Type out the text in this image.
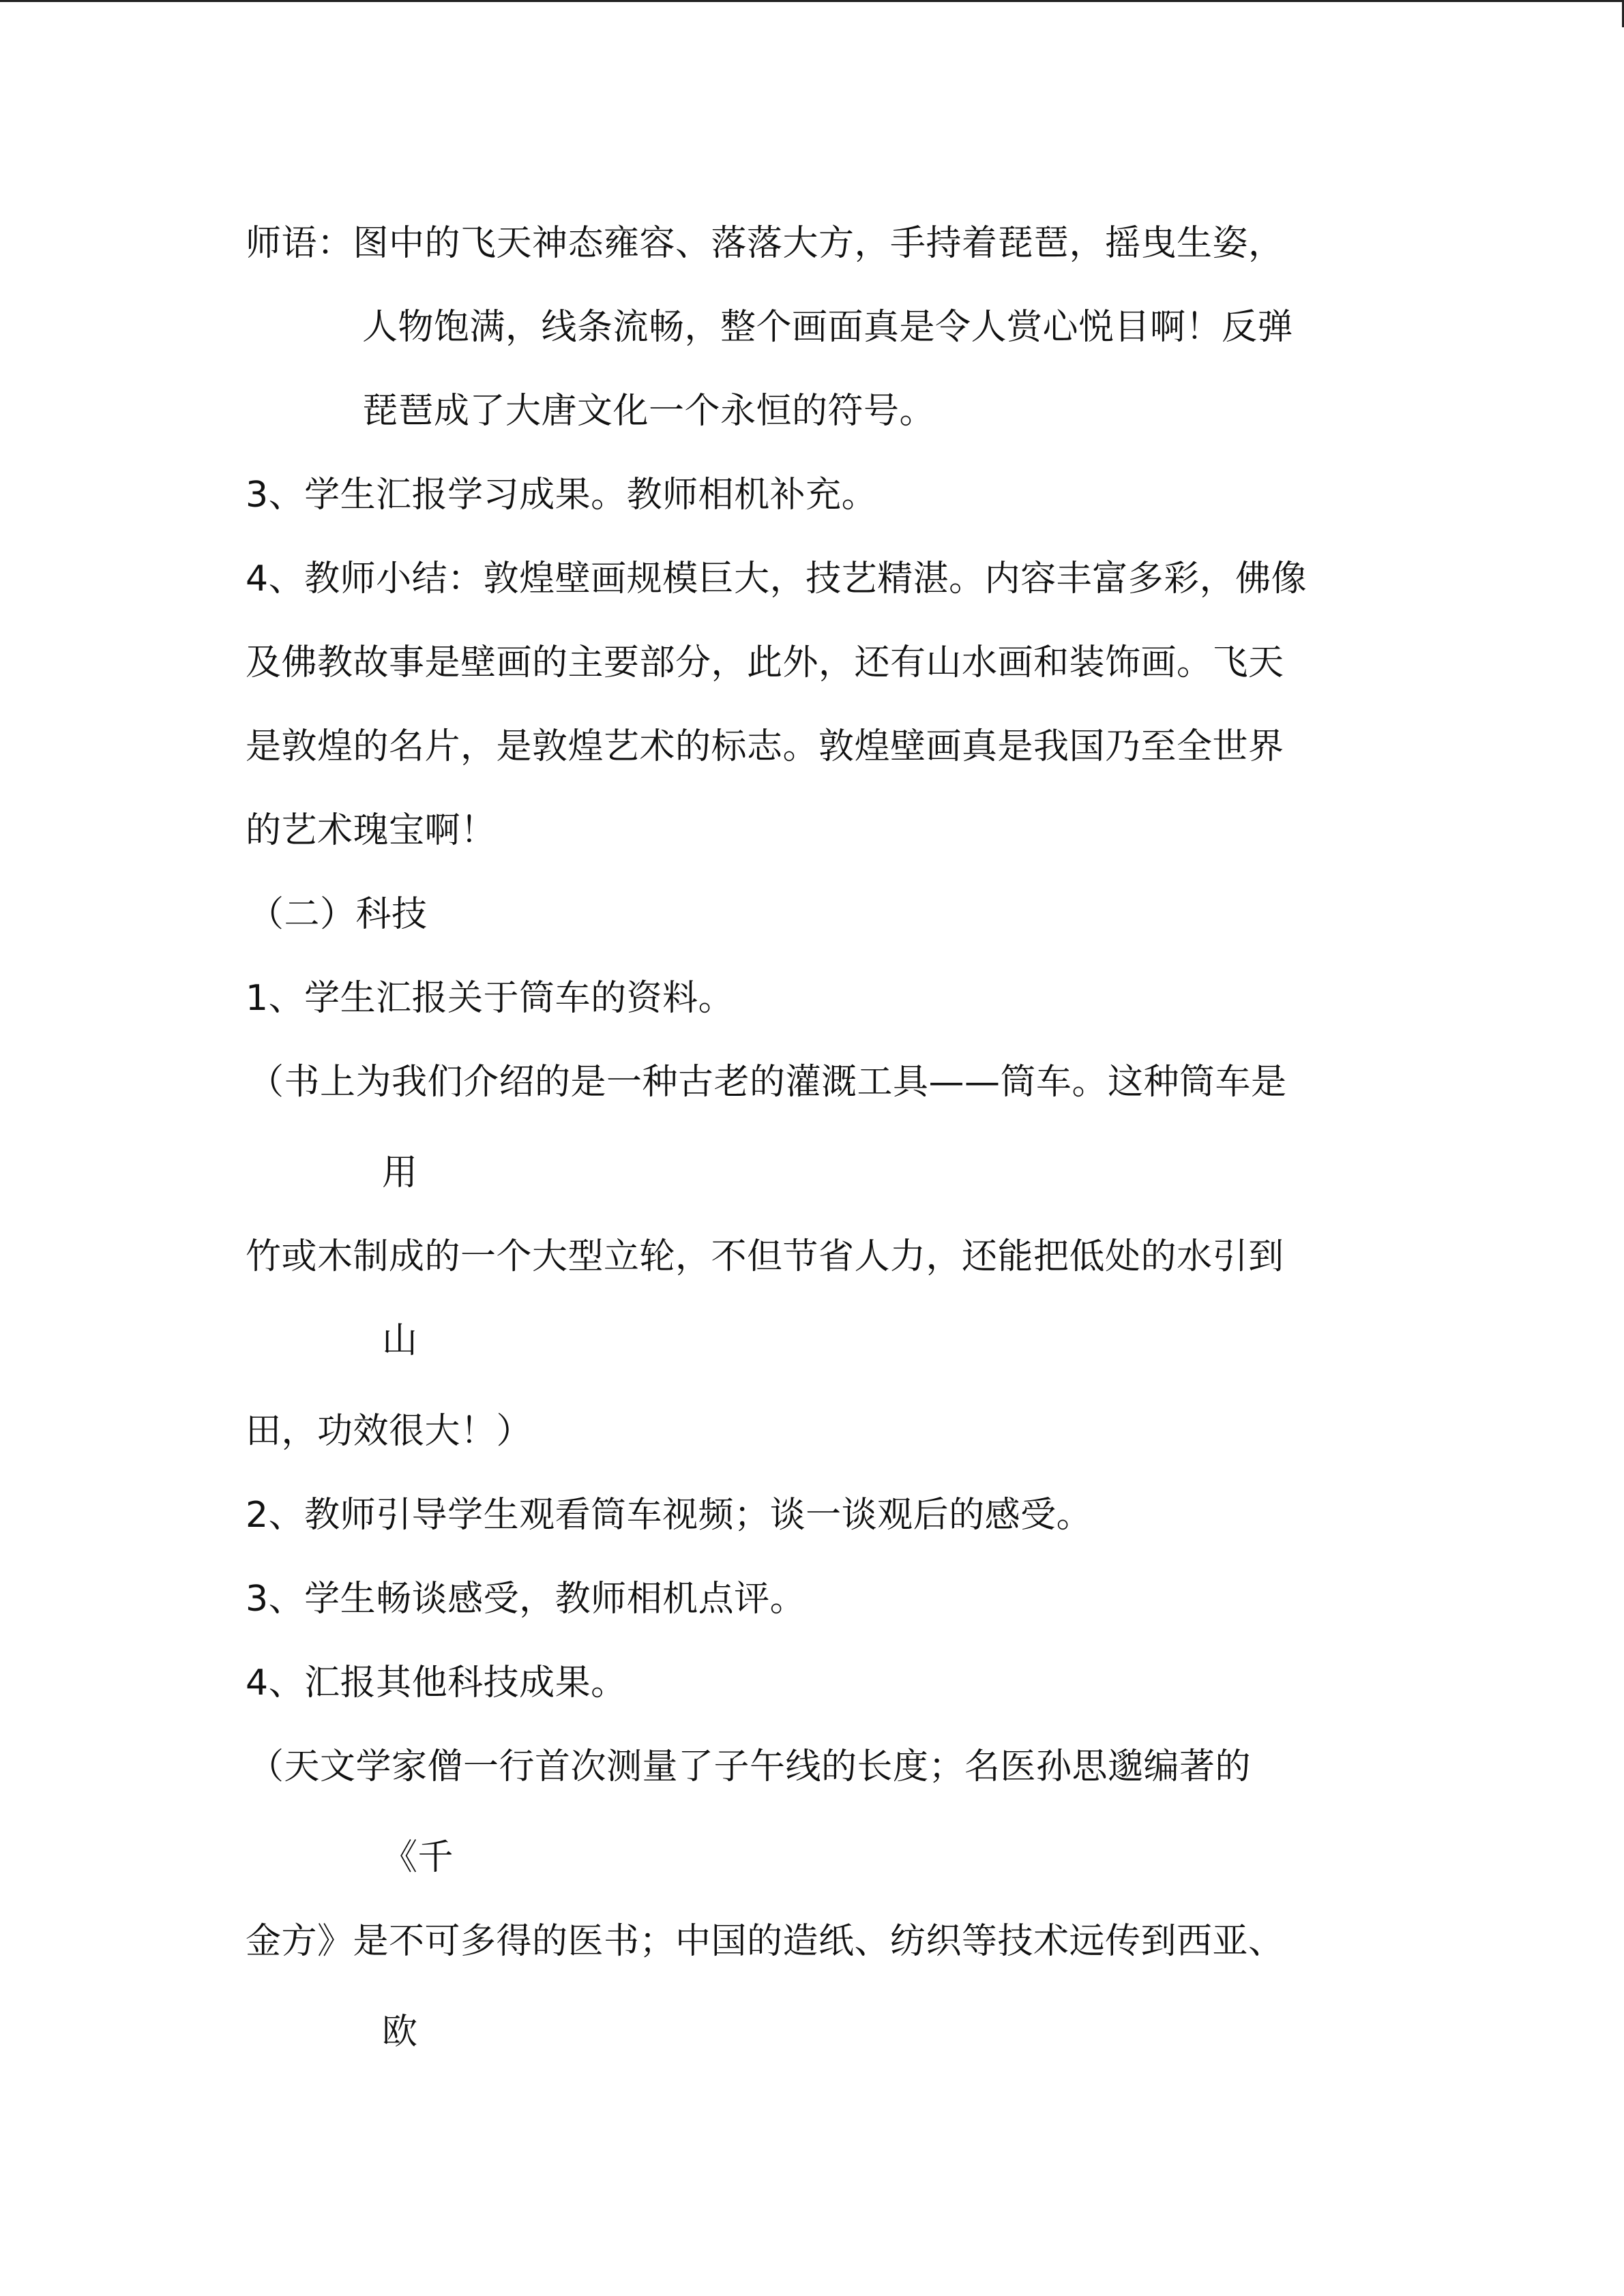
师语：图中的飞天神态雍容、落落大方，手持着琵琶，摇曳生姿，
人物饱满，线条流畅，整个画面真是令人赏心悦目啊！反弹
琵琶成了大唐文化一个永恒的符号。
3、学生汇报学习成果。教师相机补充。
4、教师小结：敦煌壁画规模巨大，技艺精湛。内容丰富多彩，佛像
及佛教故事是壁画的主要部分，此外，还有山水画和装饰画。飞天
是敦煌的名片，是敦煌艺术的标志。敦煌壁画真是我国乃至全世界
的艺术瑰宝啊！
（二）科技
1、学生汇报关于筒车的资料。
（书上为我们介绍的是一种古老的灌溉工具——筒车。这种筒车是
用
竹或木制成的一个大型立轮，不但节省人力，还能把低处的水引到
山
田，功效很大！）
2、教师引导学生观看筒车视频；谈一谈观后的感受。
3、学生畅谈感受，教师相机点评。
4、汇报其他科技成果。
（天文学家僧一行首次测量了子午线的长度；名医孙思邈编著的
《千
金方》是不可多得的医书；中国的造纸、纺织等技术远传到西亚、
欧
